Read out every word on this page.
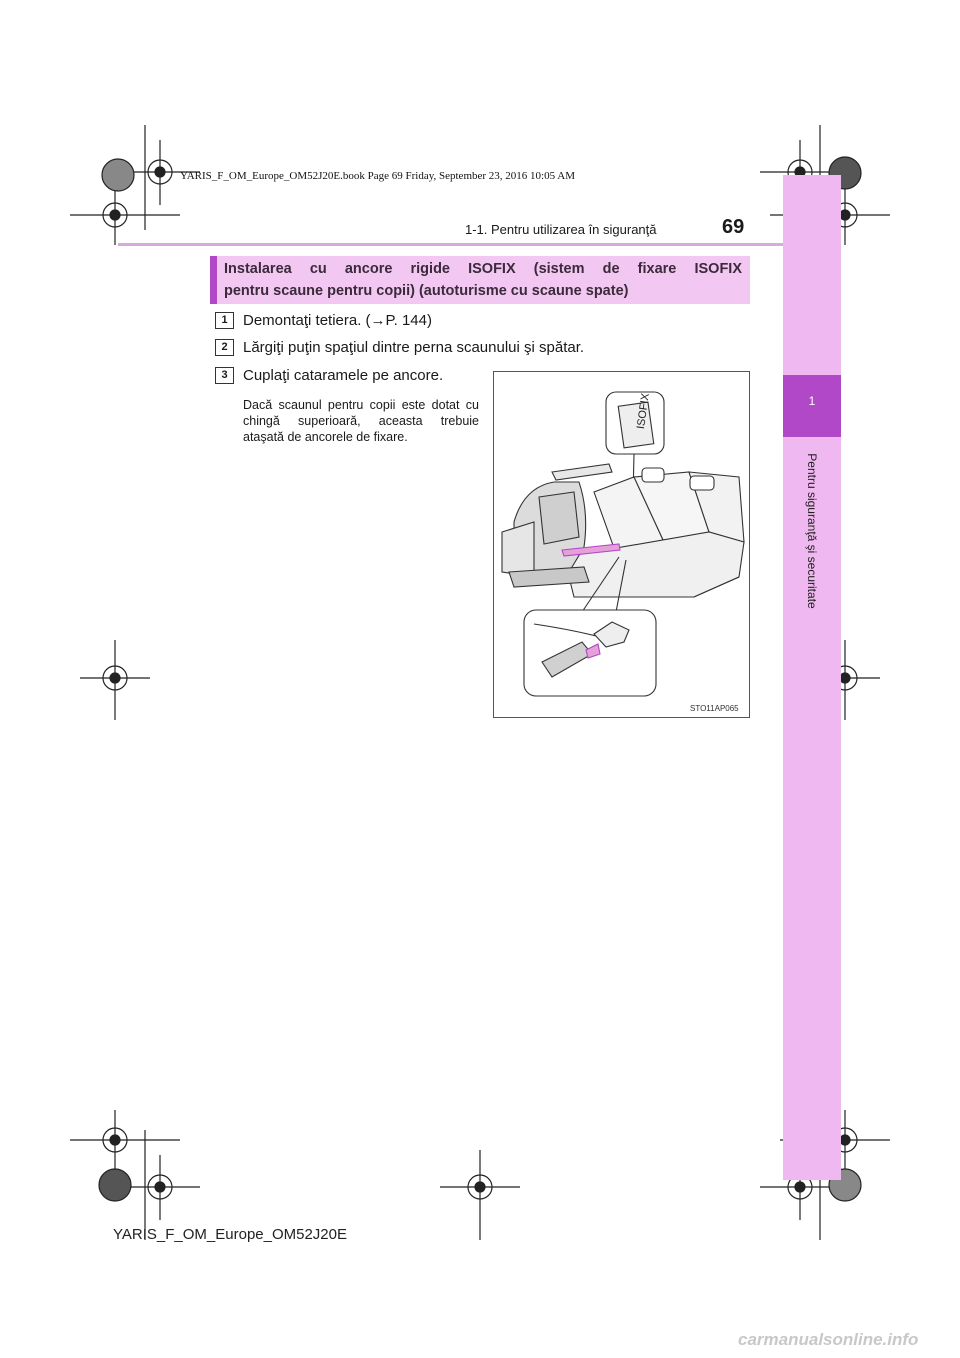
1
Pentru siguranţă şi securitate
YARIS_F_OM_Europe_OM52J20E.book Page 69 Friday, September 23, 2016 10:05 AM
1-1. Pentru utilizarea în siguranţă	69
Instalarea cu ancore rigide ISOFIX (sistem de fixare ISOFIX
pentru scaune pentru copii) (autoturisme cu scaune spate)
1	Demontaţi tetiera. (→P. 144)
2	Lărgiţi puţin spaţiul dintre perna scaunului şi spătar.
3	Cuplaţi cataramele pe ancore.
Dacă scaunul pentru copii este dotat cu chingă superioară, aceasta trebuie ataşată de ancorele de fixare.
ISOFIX
STO11AP065
YARIS_F_OM_Europe_OM52J20E
carmanualsonline.info
